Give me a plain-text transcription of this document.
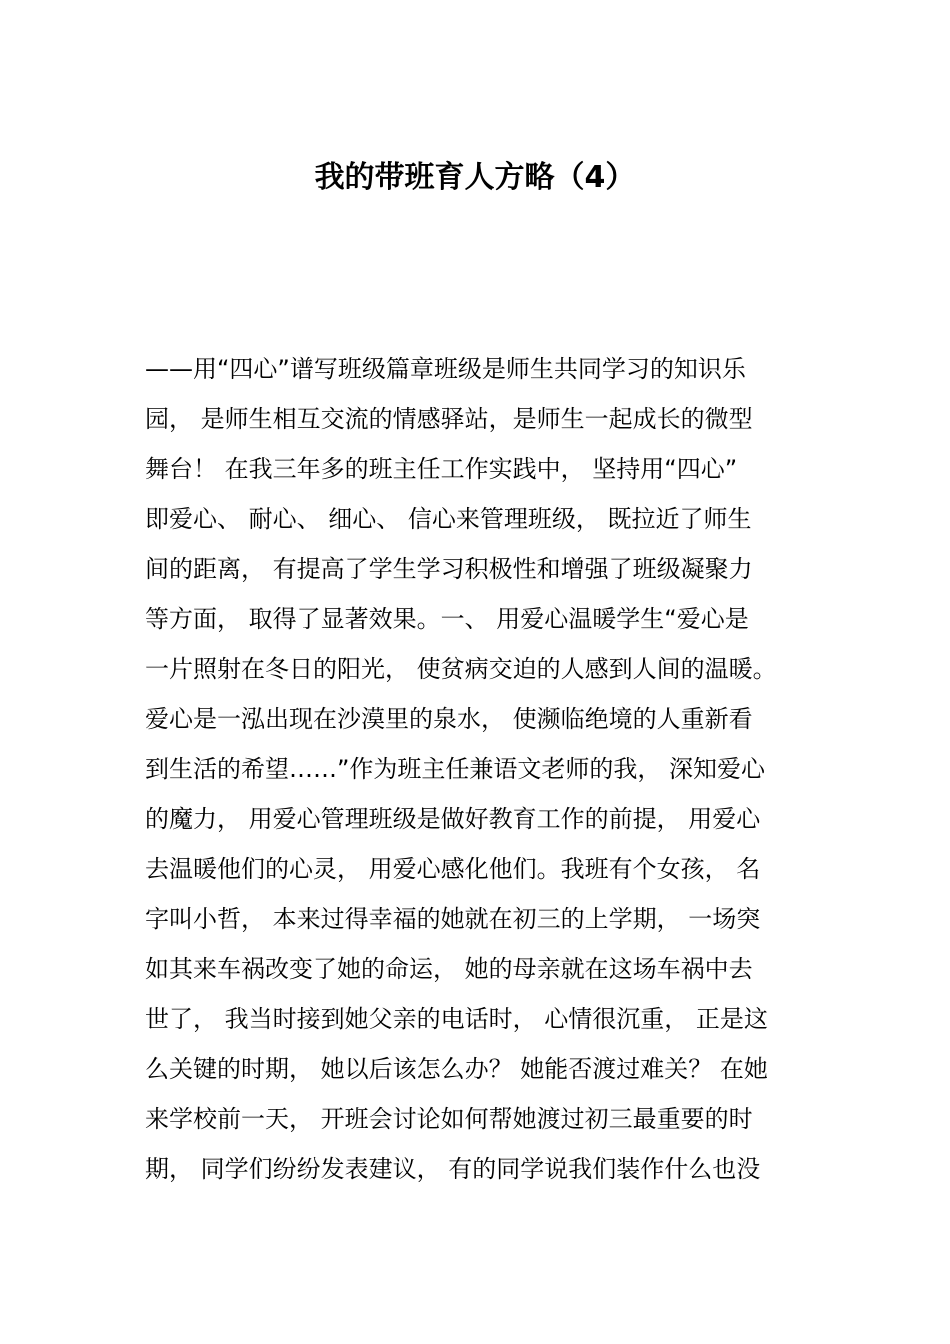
我的带班育人方略（4）
——用“四心”谱写班级篇章班级是师生共同学习的知识乐
园， 是师生相互交流的情感驿站，是师生一起成长的微型
舞台！ 在我三年多的班主任工作实践中， 坚持用“四心”
即爱心、 耐心、 细心、 信心来管理班级， 既拉近了师生
间的距离， 有提高了学生学习积极性和增强了班级凝聚力
等方面， 取得了显著效果。一、 用爱心温暖学生“爱心是
一片照射在冬日的阳光， 使贫病交迫的人感到人间的温暖。
爱心是一泓出现在沙漠里的泉水， 使濒临绝境的人重新看
到生活的希望……”作为班主任兼语文老师的我， 深知爱心
的魔力， 用爱心管理班级是做好教育工作的前提， 用爱心
去温暖他们的心灵， 用爱心感化他们。我班有个女孩， 名
字叫小哲， 本来过得幸福的她就在初三的上学期， 一场突
如其来车祸改变了她的命运， 她的母亲就在这场车祸中去
世了， 我当时接到她父亲的电话时， 心情很沉重， 正是这
么关键的时期， 她以后该怎么办？ 她能否渡过难关？ 在她
来学校前一天， 开班会讨论如何帮她渡过初三最重要的时
期， 同学们纷纷发表建议， 有的同学说我们装作什么也没
